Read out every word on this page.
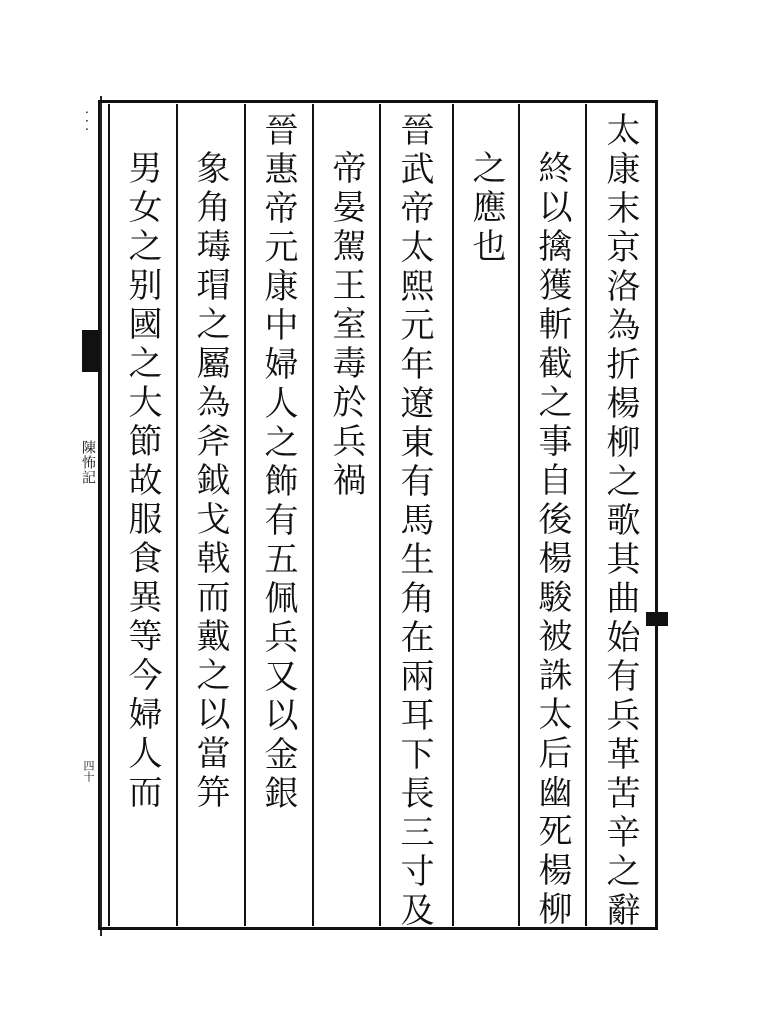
...
陳怖記
四十	太康末京洛為折楊柳之歌其曲始有兵革苦辛之辭
終以擒獲斬截之事自後楊駿被誅太后幽死楊柳
之應也
晉武帝太熙元年遼東有馬生角在兩耳下長三寸及
帝晏駕王室毒於兵禍
晉惠帝元康中婦人之飾有五佩兵又以金銀
象角瑇瑁之屬為斧鉞戈戟而戴之以當笄
男女之别國之大節故服食異等今婦人而
